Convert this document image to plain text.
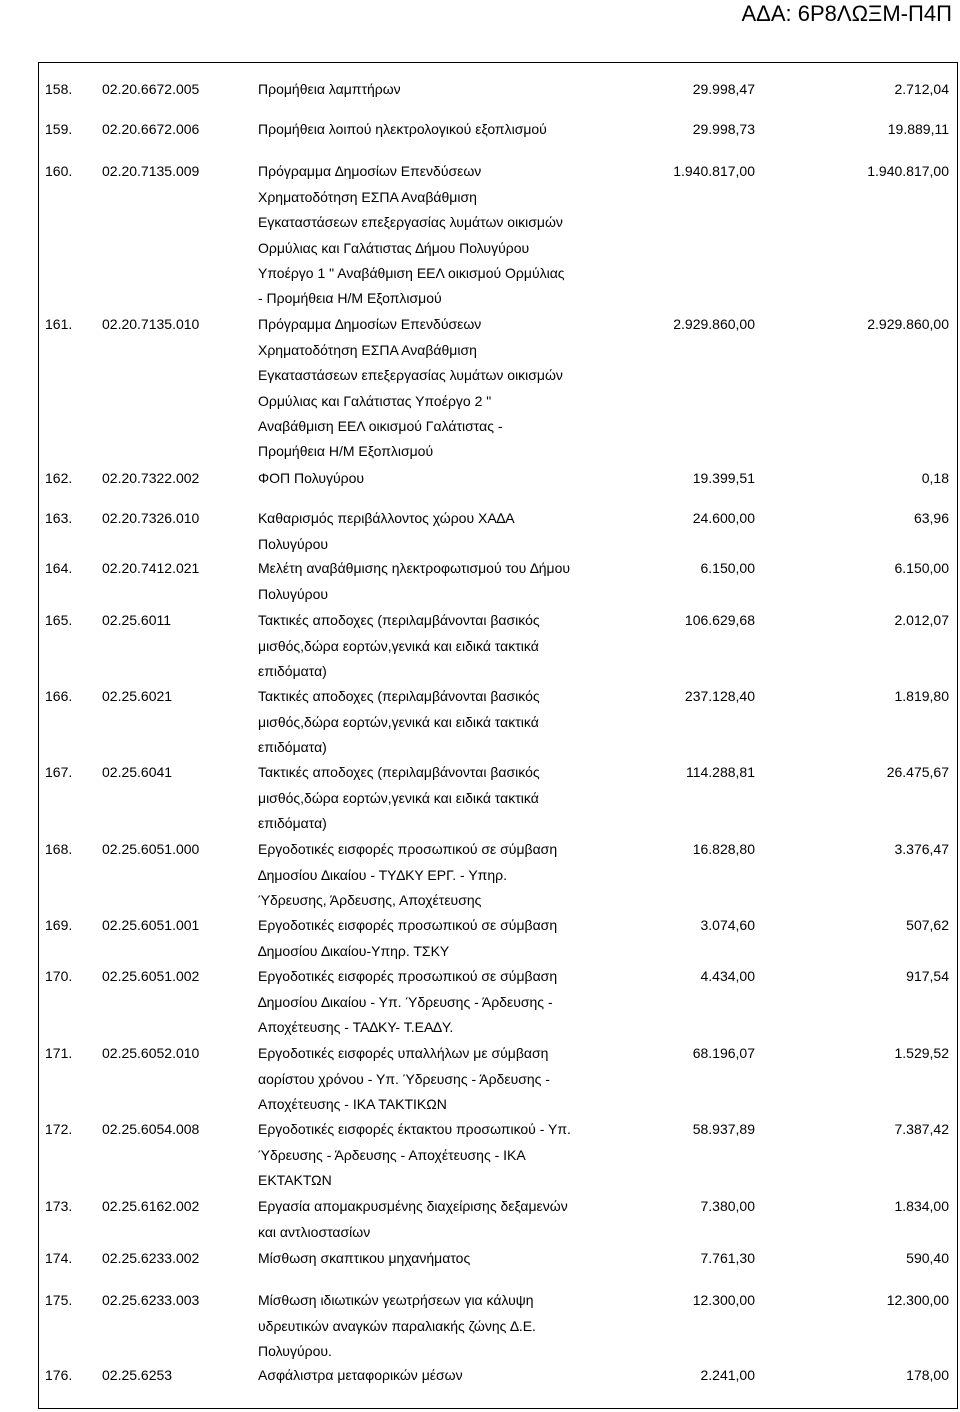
ΑΔΑ: 6Ρ8ΛΩΞΜ-Π4Π
158. 02.20.6672.005	Προμήθεια λαμπτήρων	29.998,47	2.712,04
159. 02.20.6672.006	Προμήθεια λοιπού ηλεκτρολογικού εξοπλισμού	29.998,73	19.889,11
160. 02.20.7135.009	Πρόγραμμα ∆ημοσίων Επενδύσεων
Χρηματοδότηση ΕΣΠΑ Αναβάθμιση
Εγκαταστάσεων επεξεργασίας λυμάτων οικισμών
Ορμύλιας και Γαλάτιστας ∆ήμου Πολυγύρου
Υποέργο 1 " Αναβάθμιση ΕΕΛ οικισμού Ορμύλιας
- Προμήθεια Η/Μ Εξοπλισμού
1.940.817,00	1.940.817,00
161. 02.20.7135.010	Πρόγραμμα ∆ημοσίων Επενδύσεων
Χρηματοδότηση ΕΣΠΑ Αναβάθμιση
Εγκαταστάσεων επεξεργασίας λυμάτων οικισμών
Ορμύλιας και Γαλάτιστας Υποέργο 2 "
Αναβάθμιση ΕΕΛ οικισμού Γαλάτιστας -
Προμήθεια Η/Μ Εξοπλισμού
2.929.860,00	2.929.860,00
162. 02.20.7322.002	ΦΟΠ Πολυγύρου	19.399,51	0,18
163. 02.20.7326.010	Καθαρισμός περιβάλλοντος χώρου ΧΑ∆Α
Πολυγύρου
24.600,00	63,96
164. 02.20.7412.021	Μελέτη αναβάθμισης ηλεκτροφωτισμού του ∆ήμου
Πολυγύρου
6.150,00	6.150,00
165. 02.25.6011	Τακτικές αποδοχες (περιλαμβάνονται βασικός
μισθός,δώρα εορτών,γενικά και ειδικά τακτικά
επιδόματα)
106.629,68	2.012,07
166. 02.25.6021	Τακτικές αποδοχες (περιλαμβάνονται βασικός
μισθός,δώρα εορτών,γενικά και ειδικά τακτικά
επιδόματα)
237.128,40	1.819,80
167. 02.25.6041	Τακτικές αποδοχες (περιλαμβάνονται βασικός
μισθός,δώρα εορτών,γενικά και ειδικά τακτικά
επιδόματα)
114.288,81	26.475,67
168. 02.25.6051.000	Εργοδοτικές εισφορές προσωπικού σε σύμβαση
∆ημοσίου ∆ικαίου - ΤΥ∆ΚΥ ΕΡΓ. - Υπηρ.
Ύδρευσης, Άρδευσης, Αποχέτευσης
16.828,80	3.376,47
169. 02.25.6051.001	Εργοδοτικές εισφορές προσωπικού σε σύμβαση
∆ημοσίου ∆ικαίου-Υπηρ. ΤΣΚΥ
3.074,60	507,62
170. 02.25.6051.002	Εργοδοτικές εισφορές προσωπικού σε σύμβαση
∆ημοσίου ∆ικαίου - Υπ. Ύδρευσης - Άρδευσης -
Αποχέτευσης - ΤΑ∆ΚΥ- Τ.ΕΑ∆Υ.
4.434,00	917,54
171. 02.25.6052.010	Εργοδοτικές εισφορές υπαλλήλων με σύμβαση
αορίστου χρόνου - Υπ. Ύδρευσης - Άρδευσης -
Αποχέτευσης - ΙΚΑ ΤΑΚΤΙΚΩΝ
68.196,07	1.529,52
172. 02.25.6054.008	Εργοδοτικές εισφορές έκτακτου προσωπικού - Υπ.
Ύδρευσης - Άρδευσης - Αποχέτευσης - ΙΚΑ
ΕΚΤΑΚΤΩΝ
58.937,89	7.387,42
173. 02.25.6162.002	Εργασία απομακρυσμένης διαχείρισης δεξαμενών
και αντλιοστασίων
7.380,00	1.834,00
174. 02.25.6233.002	Μίσθωση σκαπτικου μηχανήματος	7.761,30	590,40
175. 02.25.6233.003	Μίσθωση ιδιωτικών γεωτρήσεων για κάλυψη
υδρευτικών αναγκών παραλιακής ζώνης ∆.Ε.
Πολυγύρου.
12.300,00	12.300,00
176. 02.25.6253	Ασφάλιστρα μεταφορικών μέσων	2.241,00	178,00
